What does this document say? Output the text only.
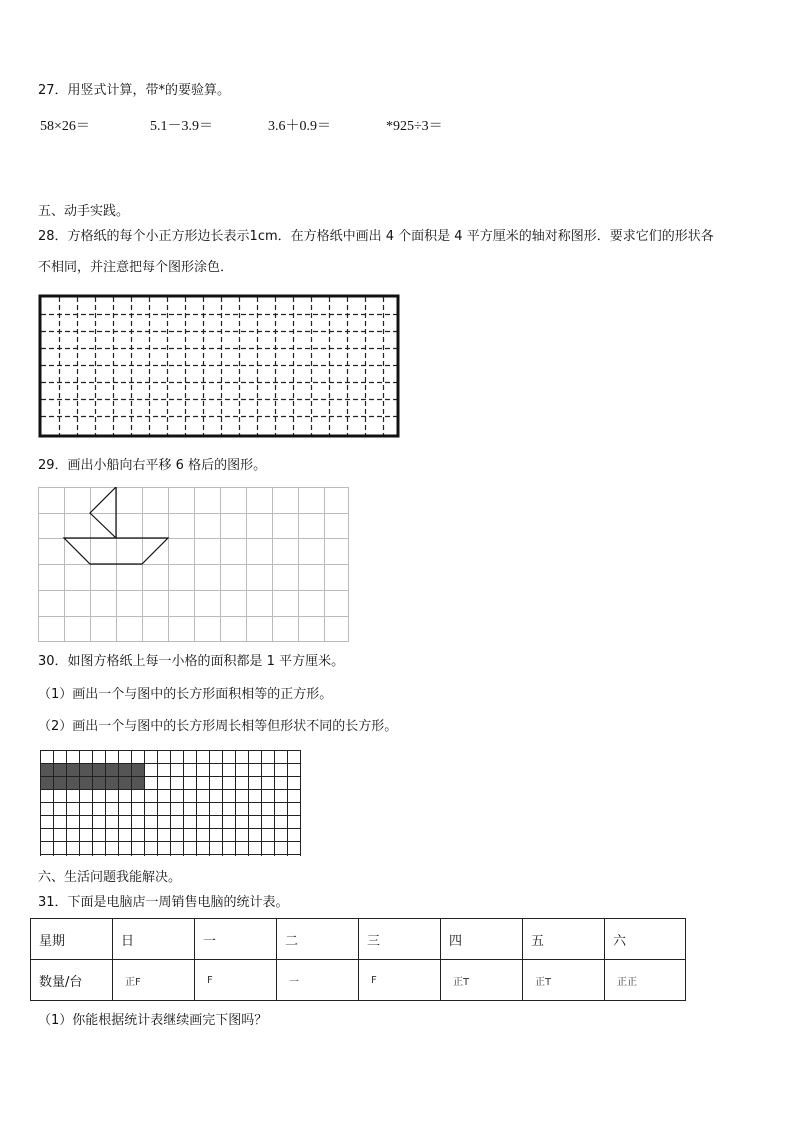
27．用竖式计算，带*的要验算。
58×26＝	5.1－3.9＝	3.6＋0.9＝	*925÷3＝
五、动手实践。
28．方格纸的每个小正方形边长表示1cm．在方格纸中画出 4 个面积是 4 平方厘米的轴对称图形．要求它们的形状各
不相同，并注意把每个图形涂色．
29．画出小船向右平移 6 格后的图形。
30．如图方格纸上每一小格的面积都是 1 平方厘米。
（1）画出一个与图中的长方形面积相等的正方形。
（2）画出一个与图中的长方形周长相等但形状不同的长方形。
六、生活问题我能解决。
31．下面是电脑店一周销售电脑的统计表。
星期	日	一	二	三	四	五	六
数量/台	正F	F	一	F	正T	正T	正正
（1）你能根据统计表继续画完下图吗？
